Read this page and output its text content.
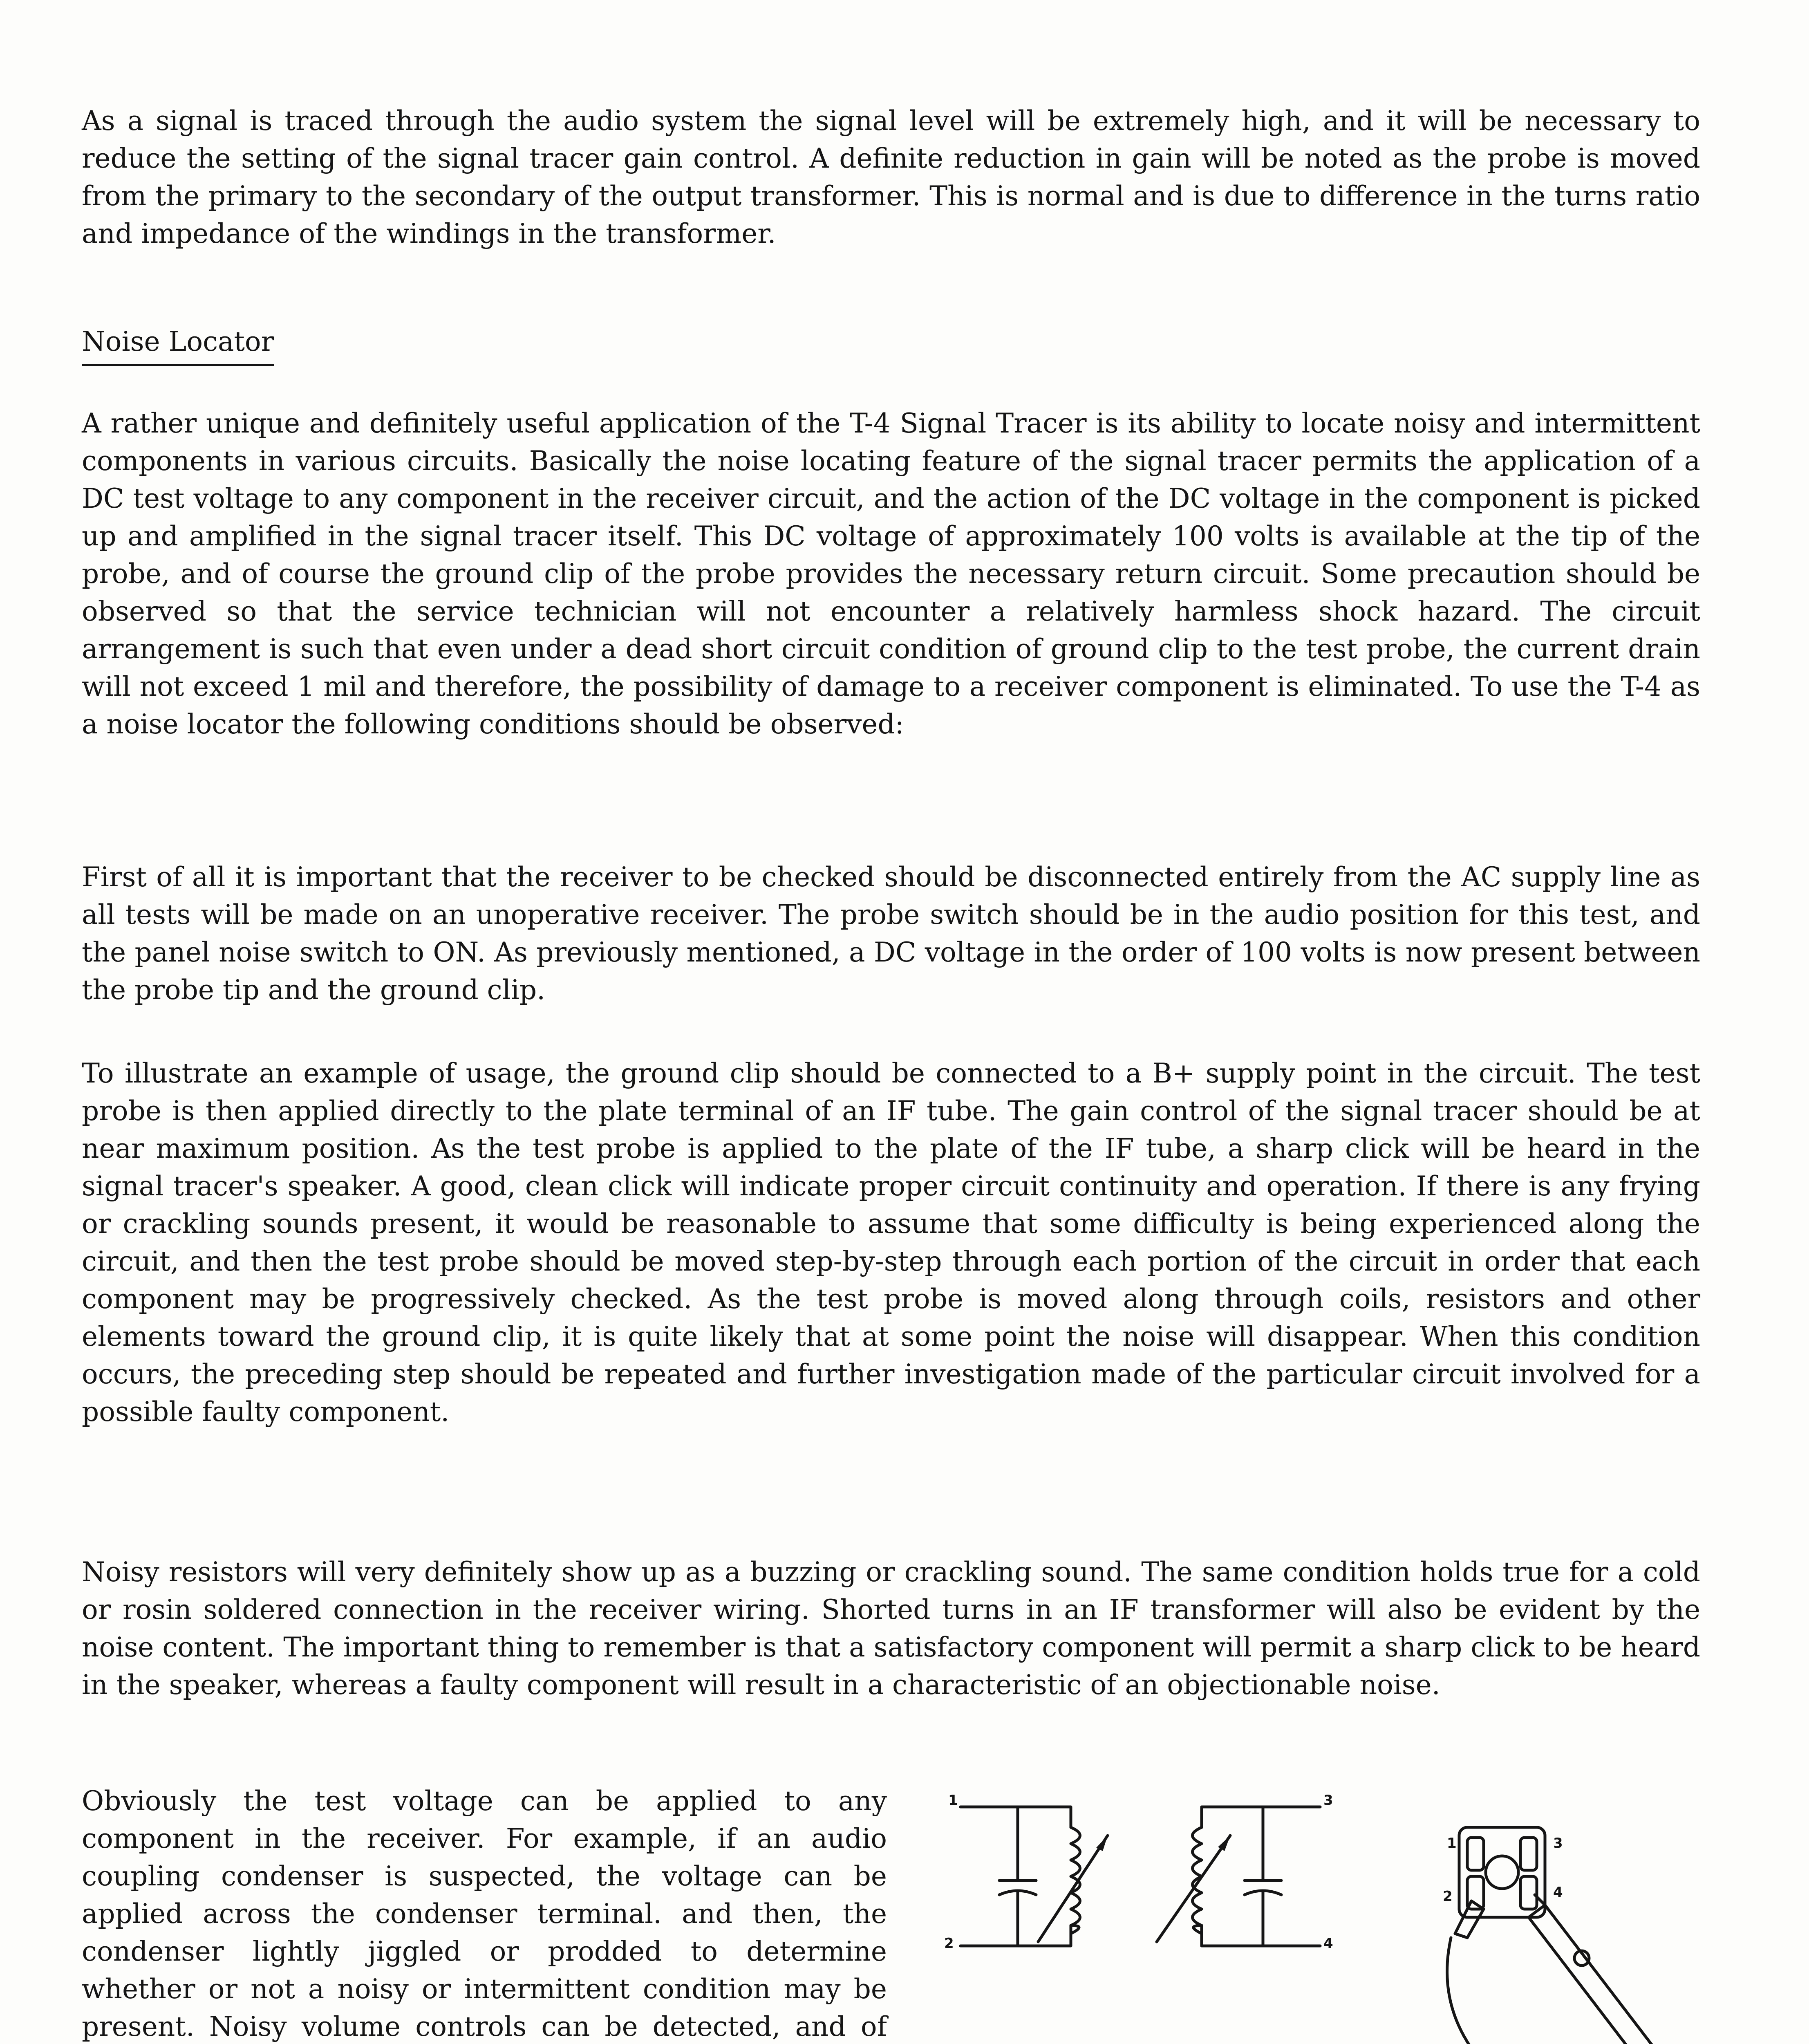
As a signal is traced through the audio system the signal level will be extremely high, and it will be necessary to reduce the setting of the signal tracer gain control. A definite reduction in gain will be noted as the probe is moved from the primary to the secondary of the output transformer. This is normal and is due to difference in the turns ratio and impedance of the windings in the transformer.

Noise Locator

A rather unique and definitely useful application of the T-4 Signal Tracer is its ability to locate noisy and intermittent components in various circuits. Basically the noise locating feature of the signal tracer permits the application of a DC test voltage to any component in the receiver circuit, and the action of the DC voltage in the component is picked up and amplified in the signal tracer itself. This DC voltage of approximately 100 volts is available at the tip of the probe, and of course the ground clip of the probe provides the necessary return circuit. Some precaution should be observed so that the service technician will not encounter a relatively harmless shock hazard. The circuit arrangement is such that even under a dead short circuit condition of ground clip to the test probe, the current drain will not exceed 1 mil and therefore, the possibility of damage to a receiver component is eliminated. To use the T-4 as a noise locator the following conditions should be observed:

First of all it is important that the receiver to be checked should be disconnected entirely from the AC supply line as all tests will be made on an unoperative receiver. The probe switch should be in the audio position for this test, and the panel noise switch to ON. As previously mentioned, a DC voltage in the order of 100 volts is now present between the probe tip and the ground clip.

To illustrate an example of usage, the ground clip should be connected to a B+ supply point in the circuit. The test probe is then applied directly to the plate terminal of an IF tube. The gain control of the signal tracer should be at near maximum position. As the test probe is applied to the plate of the IF tube, a sharp click will be heard in the signal tracer's speaker. A good, clean click will indicate proper circuit continuity and operation. If there is any frying or crackling sounds present, it would be reasonable to assume that some difficulty is being experienced along the circuit, and then the test probe should be moved step-by-step through each portion of the circuit in order that each component may be progressively checked. As the test probe is moved along through coils, resistors and other elements toward the ground clip, it is quite likely that at some point the noise will disappear. When this condition occurs, the preceding step should be repeated and further investigation made of the particular circuit involved for a possible faulty component.

Noisy resistors will very definitely show up as a buzzing or crackling sound. The same condition holds true for a cold or rosin soldered connection in the receiver wiring. Shorted turns in an IF transformer will also be evident by the noise content. The important thing to remember is that a satisfactory component will permit a sharp click to be heard in the speaker, whereas a faulty component will result in a characteristic of an objectionable noise.

Obviously the test voltage can be applied to any component in the receiver. For example, if an audio coupling condenser is suspected, the voltage can be applied across the condenser terminal. and then, the condenser lightly jiggled or prodded to determine whether or not a noisy or intermittent condition may be present. Noisy volume controls can be detected, and of

1
2
3
4
1
2
3
4
